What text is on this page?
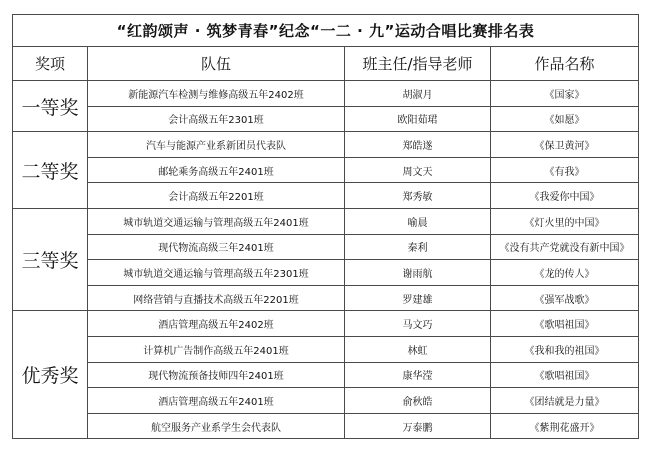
“红韵颂声 · 筑梦青春”纪念“一二 · 九”运动合唱比赛排名表			
奖项	队伍	班主任/指导老师	作品名称
一等奖	新能源汽车检测与维修高级五年2402班	胡淑月	《国家》
	会计高级五年2301班	欧阳茹珺	《如愿》
二等奖	汽车与能源产业系新团员代表队	郑皓遂	《保卫黄河》
	邮轮乘务高级五年2401班	周文天	《有我》
	会计高级五年2201班	郑秀敏	《我爱你中国》
三等奖	城市轨道交通运输与管理高级五年2401班	喻晨	《灯火里的中国》
	现代物流高级三年2401班	秦利	《没有共产党就没有新中国》
	城市轨道交通运输与管理高级五年2301班	谢雨航	《龙的传人》
	网络营销与直播技术高级五年2201班	罗建雄	《强军战歌》
优秀奖	酒店管理高级五年2402班	马文巧	《歌唱祖国》
	计算机广告制作高级五年2401班	林虹	《我和我的祖国》
	现代物流预备技师四年2401班	康华滢	《歌唱祖国》
	酒店管理高级五年2401班	俞秋皓	《团结就是力量》
	航空服务产业系学生会代表队	万泰鹏	《紫荆花盛开》
